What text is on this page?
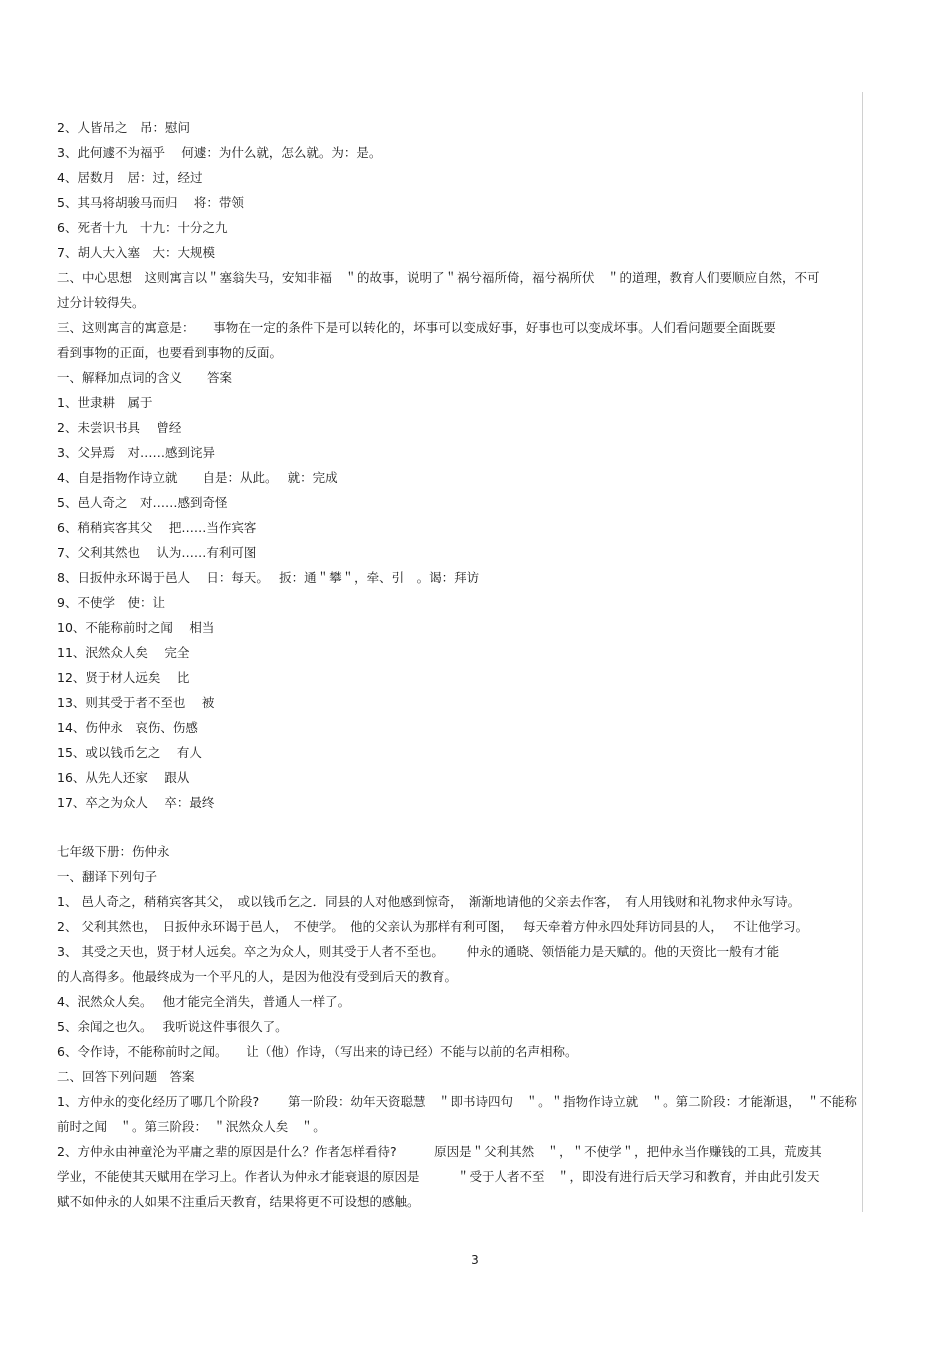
3
2、人皆吊之　吊：慰问
3、此何遽不为福乎　 何遽：为什么就，怎么就。为：是。
4、居数月　居：过，经过
5、其马将胡骏马而归　 将：带领
6、死者十九　十九：十分之九
7、胡人大入塞　大：大规模
二、中心思想　这则寓言以＂塞翁失马，安知非福　＂的故事，说明了＂祸兮福所倚，福兮祸所伏　＂的道理，教育人们要顺应自然，不可
过分计较得失。
三、这则寓言的寓意是：　　事物在一定的条件下是可以转化的，坏事可以变成好事，好事也可以变成坏事。人们看问题要全面既要
看到事物的正面，也要看到事物的反面。
一、解释加点词的含义　　答案
1、世隶耕　属于
2、未尝识书具　 曾经
3、父异焉　对……感到诧异
4、自是指物作诗立就　　自是：从此。　 就：完成
5、邑人奇之　对……感到奇怪
6、稍稍宾客其父　 把……当作宾客
7、父利其然也　 认为……有利可图
8、日扳仲永环谒于邑人　 日：每天。　 扳：通＂攀＂，牵、引　。谒：拜访
9、不使学　使：让
10、不能称前时之闻　 相当
11、泯然众人矣　 完全
12、贤于材人远矣　 比
13、则其受于者不至也　 被
14、伤仲永　哀伤、伤感
15、或以钱币乞之　 有人
16、从先人还家　 跟从
17、卒之为众人　 卒：最终
七年级下册：伤仲永
一、翻译下列句子
1、 邑人奇之，稍稍宾客其父，　或以钱币乞之．同县的人对他感到惊奇，　渐渐地请他的父亲去作客，　有人用钱财和礼物求仲永写诗。
2、 父利其然也，　日扳仲永环谒于邑人，　不使学。　他的父亲认为那样有利可图，　 每天牵着方仲永四处拜访同县的人，　 不让他学习。
3、 其受之天也，贤于材人远矣。卒之为众人，则其受于人者不至也。　　 仲永的通晓、领悟能力是天赋的。他的天资比一般有才能
的人高得多。他最终成为一个平凡的人，是因为他没有受到后天的教育。
4、泯然众人矣。　 他才能完全消失，普通人一样了。
5、余闻之也久。　 我听说这件事很久了。
6、令作诗，不能称前时之闻。　　让（他）作诗，（写出来的诗已经）不能与以前的名声相称。
二、回答下列问题　答案
1、方仲永的变化经历了哪几个阶段?　　 第一阶段：幼年天资聪慧　＂即书诗四句　＂。＂指物作诗立就　＂。第二阶段：才能渐退，　＂不能称
前时之闻　＂。第三阶段：　＂泯然众人矣　＂。
2、方仲永由神童沦为平庸之辈的原因是什么？作者怎样看待?　　　原因是＂父利其然　＂，＂不使学＂，把仲永当作赚钱的工具，荒废其
学业，不能使其天赋用在学习上。作者认为仲永才能衰退的原因是　　　＂受于人者不至　＂，即没有进行后天学习和教育，并由此引发天
赋不如仲永的人如果不注重后天教育，结果将更不可设想的感触。
